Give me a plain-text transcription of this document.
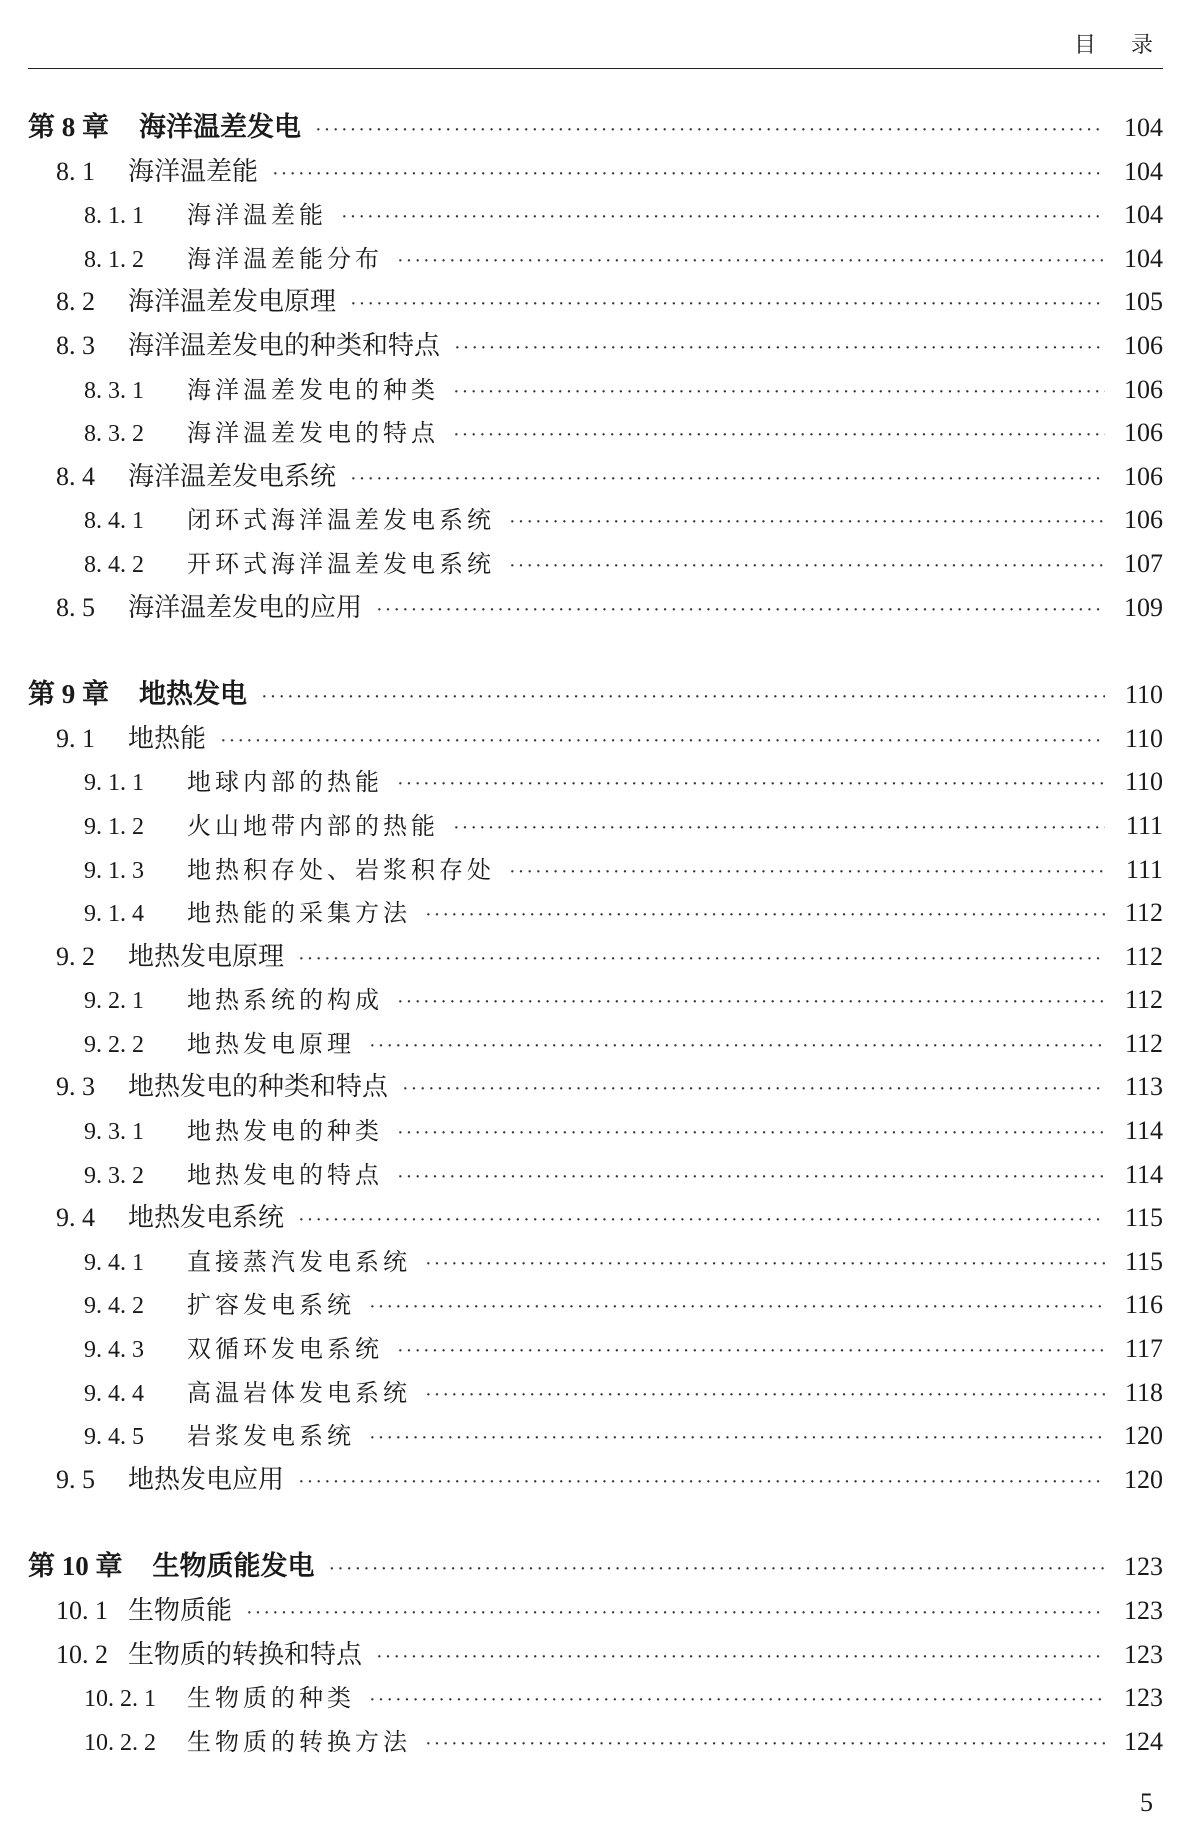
目 录
第 8 章 海洋温差发电 ·····	104
8. 1	海洋温差能 ·····	104
8. 1. 1	海洋温差能 ·····	104
8. 1. 2	海洋温差能分布 ·····	104
8. 2	海洋温差发电原理 ·····	105
8. 3	海洋温差发电的种类和特点 ·····	106
8. 3. 1	海洋温差发电的种类 ·····	106
8. 3. 2	海洋温差发电的特点 ·····	106
8. 4	海洋温差发电系统 ·····	106
8. 4. 1	闭环式海洋温差发电系统 ·····	106
8. 4. 2	开环式海洋温差发电系统 ·····	107
8. 5	海洋温差发电的应用 ·····	109
第 9 章 地热发电 ·····	110
9. 1	地热能 ·····	110
9. 1. 1	地球内部的热能 ·····	110
9. 1. 2	火山地带内部的热能 ·····	111
9. 1. 3	地热积存处、岩浆积存处 ·····	111
9. 1. 4	地热能的采集方法 ·····	112
9. 2	地热发电原理 ·····	112
9. 2. 1	地热系统的构成 ·····	112
9. 2. 2	地热发电原理 ·····	112
9. 3	地热发电的种类和特点 ·····	113
9. 3. 1	地热发电的种类 ·····	114
9. 3. 2	地热发电的特点 ·····	114
9. 4	地热发电系统 ·····	115
9. 4. 1	直接蒸汽发电系统 ·····	115
9. 4. 2	扩容发电系统 ·····	116
9. 4. 3	双循环发电系统 ·····	117
9. 4. 4	高温岩体发电系统 ·····	118
9. 4. 5	岩浆发电系统 ·····	120
9. 5	地热发电应用 ·····	120
第 10 章 生物质能发电 ·····	123
10. 1 生物质能 ·····	123
10. 2 生物质的转换和特点 ·····	123
10. 2. 1	生物质的种类 ·····	123
10. 2. 2	生物质的转换方法 ·····	124
5
